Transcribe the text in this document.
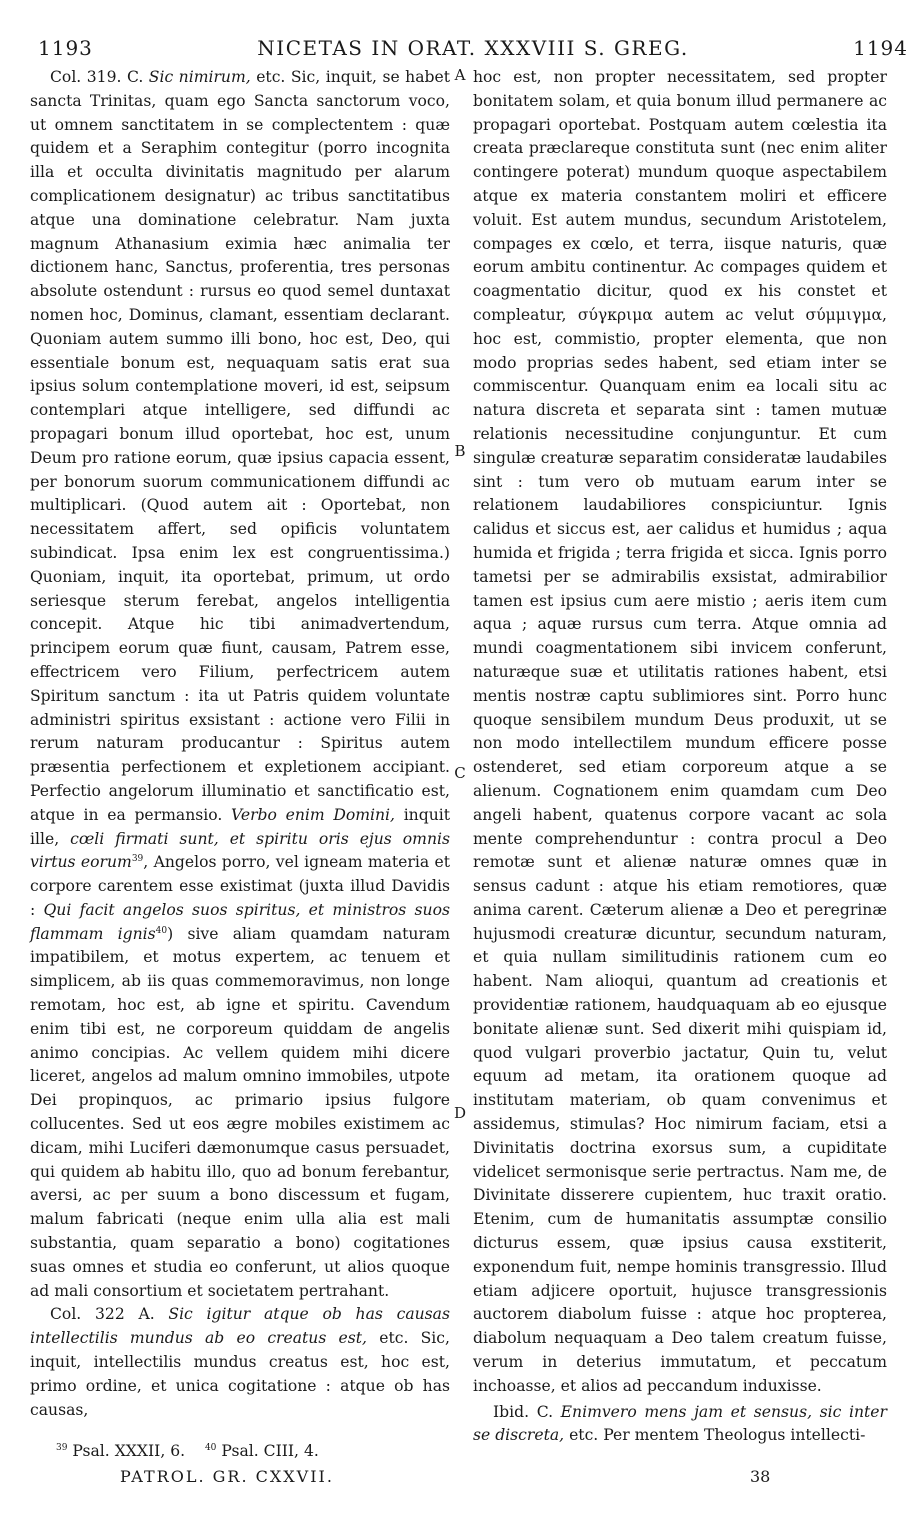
1193	NICETAS IN ORAT. XXXVIII S. GREG.	1194

Col. 319. C. Sic nimirum, etc. Sic, inquit, se habet sancta Trinitas, quam ego Sancta sanctorum voco, ut omnem sanctitatem in se complectentem : quæ quidem et a Seraphim contegitur (porro incognita illa et occulta divinitatis magnitudo per alarum complicationem designatur) ac tribus sanctitatibus atque una dominatione celebratur. Nam juxta magnum Athanasium eximia hæc animalia ter dictionem hanc, Sanctus, proferentia, tres personas absolute ostendunt : rursus eo quod semel duntaxat nomen hoc, Dominus, clamant, essentiam declarant. Quoniam autem summo illi bono, hoc est, Deo, qui essentiale bonum est, nequaquam satis erat sua ipsius solum contemplatione moveri, id est, seipsum contemplari atque intelligere, sed diffundi ac propagari bonum illud oportebat, hoc est, unum Deum pro ratione eorum, quæ ipsius capacia essent, per bonorum suorum communicationem diffundi ac multiplicari. (Quod autem ait : Oportebat, non necessitatem affert, sed opificis voluntatem subindicat. Ipsa enim lex est congruentissima.) Quoniam, inquit, ita oportebat, primum, ut ordo seriesque sterum ferebat, angelos intelligentia concepit. Atque hic tibi animadvertendum, principem eorum quæ fiunt, causam, Patrem esse, effectricem vero Filium, perfectricem autem Spiritum sanctum : ita ut Patris quidem voluntate administri spiritus exsistant : actione vero Filii in rerum naturam producantur : Spiritus autem præsentia perfectionem et expletionem accipiant. Perfectio angelorum illuminatio et sanctificatio est, atque in ea permansio. Verbo enim Domini, inquit ille, cœli firmati sunt, et spiritu oris ejus omnis virtus eorum$^{39}$, Angelos porro, vel igneam materia et corpore carentem esse existimat (juxta illud Davidis : Qui facit angelos suos spiritus, et ministros suos flammam ignis$^{40}$) sive aliam quamdam naturam impatibilem, et motus expertem, ac tenuem et simplicem, ab iis quas commemoravimus, non longe remotam, hoc est, ab igne et spiritu. Cavendum enim tibi est, ne corporeum quiddam de angelis animo concipias. Ac vellem quidem mihi dicere liceret, angelos ad malum omnino immobiles, utpote Dei propinquos, ac primario ipsius fulgore collucentes. Sed ut eos ægre mobiles existimem ac dicam, mihi Luciferi dæmonumque casus persuadet, qui quidem ab habitu illo, quo ad bonum ferebantur, aversi, ac per suum a bono discessum et fugam, malum fabricati (neque enim ulla alia est mali substantia, quam separatio a bono) cogitationes suas omnes et studia eo conferunt, ut alios quoque ad mali consortium et societatem pertrahant.

Col. 322 A. Sic igitur atque ob has causas intellectilis mundus ab eo creatus est, etc. Sic, inquit, intellectilis mundus creatus est, hoc est, primo ordine, et unica cogitatione : atque ob has causas,

A
B
C
D

hoc est, non propter necessitatem, sed propter bonitatem solam, et quia bonum illud permanere ac propagari oportebat. Postquam autem cœlestia ita creata præclareque constituta sunt (nec enim aliter contingere poterat) mundum quoque aspectabilem atque ex materia constantem moliri et efficere voluit. Est autem mundus, secundum Aristotelem, compages ex cœlo, et terra, iisque naturis, quæ eorum ambitu continentur. Ac compages quidem et coagmentatio dicitur, quod ex his constet et compleatur, σύγκριμα autem ac velut σύμμιγμα, hoc est, commistio, propter elementa, que non modo proprias sedes habent, sed etiam inter se commiscentur. Quanquam enim ea locali situ ac natura discreta et separata sint : tamen mutuæ relationis necessitudine conjunguntur. Et cum singulæ creaturæ separatim consideratæ laudabiles sint : tum vero ob mutuam earum inter se relationem laudabiliores conspiciuntur. Ignis calidus et siccus est, aer calidus et humidus ; aqua humida et frigida ; terra frigida et sicca. Ignis porro tametsi per se admirabilis exsistat, admirabilior tamen est ipsius cum aere mistio ; aeris item cum aqua ; aquæ rursus cum terra. Atque omnia ad mundi coagmentationem sibi invicem conferunt, naturæque suæ et utilitatis rationes habent, etsi mentis nostræ captu sublimiores sint. Porro hunc quoque sensibilem mundum Deus produxit, ut se non modo intellectilem mundum efficere posse ostenderet, sed etiam corporeum atque a se alienum. Cognationem enim quamdam cum Deo angeli habent, quatenus corpore vacant ac sola mente comprehenduntur : contra procul a Deo remotæ sunt et alienæ naturæ omnes quæ in sensus cadunt : atque his etiam remotiores, quæ anima carent. Cæterum alienæ a Deo et peregrinæ hujusmodi creaturæ dicuntur, secundum naturam, et quia nullam similitudinis rationem cum eo habent. Nam alioqui, quantum ad creationis et providentiæ rationem, haudquaquam ab eo ejusque bonitate alienæ sunt. Sed dixerit mihi quispiam id, quod vulgari proverbio jactatur, Quin tu, velut equum ad metam, ita orationem quoque ad institutam materiam, ob quam convenimus et assidemus, stimulas? Hoc nimirum faciam, etsi a Divinitatis doctrina exorsus sum, a cupiditate videlicet sermonisque serie pertractus. Nam me, de Divinitate disserere cupientem, huc traxit oratio. Etenim, cum de humanitatis assumptæ consilio dicturus essem, quæ ipsius causa exstiterit, exponendum fuit, nempe hominis transgressio. Illud etiam adjicere oportuit, hujusce transgressionis auctorem diabolum fuisse : atque hoc propterea, diabolum nequaquam a Deo talem creatum fuisse, verum in deterius immutatum, et peccatum inchoasse, et alios ad peccandum induxisse.

Ibid. C. Enimvero mens jam et sensus, sic inter se discreta, etc. Per mentem Theologus intellecti-

$^{39}$ Psal. XXXII, 6. $^{40}$ Psal. CIII, 4.
PATROL. GR. CXXVII.	38
